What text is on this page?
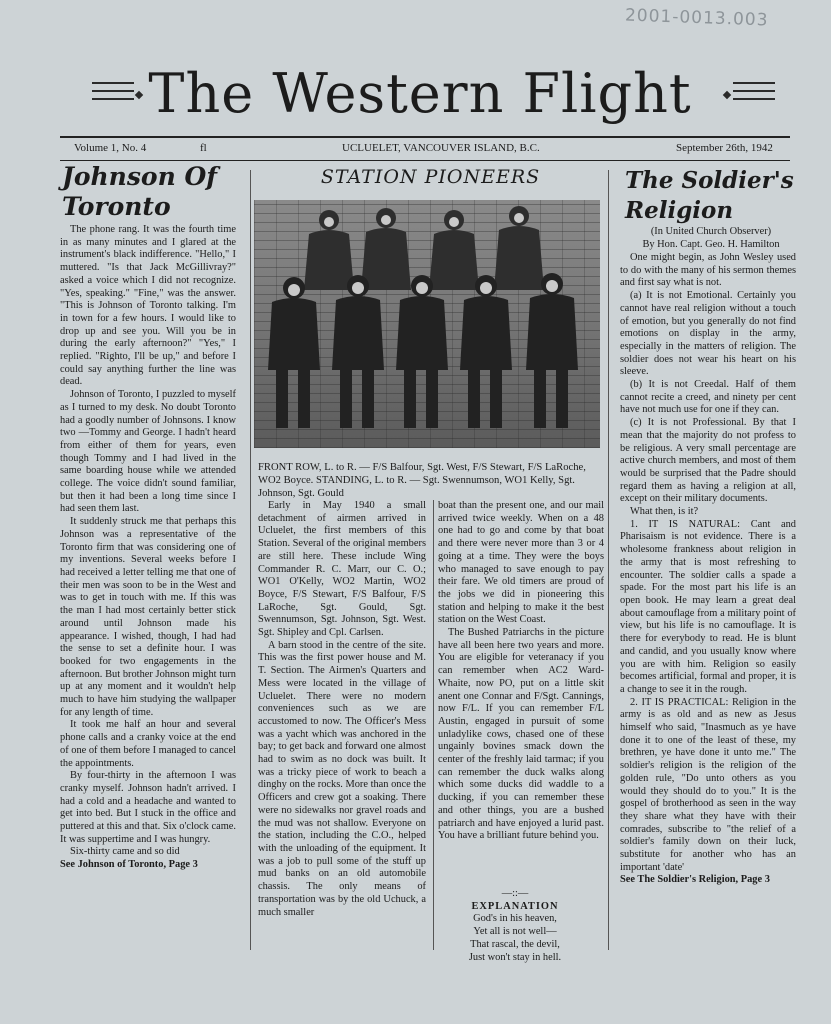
2001-0013.003
The Western Flight
Volume 1, No. 4	fl	UCLUELET, VANCOUVER ISLAND, B.C.	September 26th, 1942
Johnson Of Toronto

The phone rang. It was the fourth time in as many minutes and I glared at the instrument's black indifference. "Hello," I muttered. "Is that Jack McGillivray?" asked a voice which I did not recognize. "Yes, speaking." "Fine," was the answer. "This is Johnson of Toronto talking. I'm in town for a few hours. I would like to drop up and see you. Will you be in during the early afternoon?" "Yes," I replied. "Righto, I'll be up," and before I could say anything further the line was dead.

Johnson of Toronto, I puzzled to myself as I turned to my desk. No doubt Toronto had a goodly number of Johnsons. I know two —Tommy and George. I hadn't heard from either of them for years, even though Tommy and I had lived in the same boarding house while we attended college. The voice didn't sound familiar, but then it had been a long time since I had seen them last.

It suddenly struck me that perhaps this Johnson was a representative of the Toronto firm that was considering one of my inventions. Several weeks before I had received a letter telling me that one of their men was soon to be in the West and was to get in touch with me. If this was the man I had most certainly better stick around until Johnson made his appearance. I wished, though, I had had the sense to set a definite hour. I was booked for two engagements in the afternoon. But brother Johnson might turn up at any moment and it wouldn't help much to have him studying the wallpaper for any length of time.

It took me half an hour and several phone calls and a cranky voice at the end of one of them before I managed to cancel the appointments.

By four-thirty in the afternoon I was cranky myself. Johnson hadn't arrived. I had a cold and a headache and wanted to get into bed. But I stuck in the office and puttered at this and that. Six o'clock came. It was suppertime and I was hungry.

Six-thirty came and so did

See Johnson of Toronto, Page 3

STATION PIONEERS
FRONT ROW, L. to R. — F/S Balfour, Sgt. West, F/S Stewart, F/S LaRoche, WO2 Boyce. STANDING, L. to R. — Sgt. Swennumson, WO1 Kelly, Sgt. Johnson, Sgt. Gould

Early in May 1940 a small detachment of airmen arrived in Ucluelet, the first members of this Station. Several of the original members are still here. These include Wing Commander R. C. Marr, our C. O.; WO1 O'Kelly, WO2 Martin, WO2 Boyce, F/S Stewart, F/S Balfour, F/S LaRoche, Sgt. Gould, Sgt. Swennumson, Sgt. Johnson, Sgt. West. Sgt. Shipley and Cpl. Carlsen.

A barn stood in the centre of the site. This was the first power house and M. T. Section. The Airmen's Quarters and Mess were located in the village of Ucluelet. There were no modern conveniences such as we are accustomed to now. The Officer's Mess was a yacht which was anchored in the bay; to get back and forward one almost had to swim as no dock was built. It was a tricky piece of work to beach a dinghy on the rocks. More than once the Officers and crew got a soaking. There were no sidewalks nor gravel roads and the mud was not shallow. Everyone on the station, including the C.O., helped with the unloading of the equipment. It was a job to pull some of the stuff up mud banks on an old automobile chassis. The only means of transportation was by the old Uchuck, a much smaller

boat than the present one, and our mail arrived twice weekly. When on a 48 one had to go and come by that boat and there were never more than 3 or 4 going at a time. They were the boys who managed to save enough to pay their fare. We old timers are proud of the jobs we did in pioneering this station and helping to make it the best station on the West Coast.

The Bushed Patriarchs in the picture have all been here two years and more. You are eligible for veteranacy if you can remember when AC2 Ward-Whaite, now PO, put on a little skit anent one Connar and F/Sgt. Cannings, now F/L. If you can remember F/L Austin, engaged in pursuit of some unladylike cows, chased one of these ungainly bovines smack down the center of the freshly laid tarmac; if you can remember the duck walks along which some ducks did waddle to a ducking, if you can remember these and other things, you are a bushed patriarch and have enjoyed a lurid past. You have a brilliant future behind you.

—::—
EXPLANATION
God's in his heaven,
Yet all is not well—
That rascal, the devil,
Just won't stay in hell.
The Soldier's Religion
(In United Church Observer)
By Hon. Capt. Geo. H. Hamilton

One might begin, as John Wesley used to do with the many of his sermon themes and first say what is not.

(a) It is not Emotional. Certainly you cannot have real religion without a touch of emotion, but you generally do not find emotions on display in the army, especially in the matters of religion. The soldier does not wear his heart on his sleeve.

(b) It is not Creedal. Half of them cannot recite a creed, and ninety per cent have not much use for one if they can.

(c) It is not Professional. By that I mean that the majority do not profess to be religious. A very small percentage are active church members, and most of them would be surprised that the Padre should regard them as having a religion at all, except on their military documents.

What then, is it?

1. IT IS NATURAL: Cant and Pharisaism is not evidence. There is a wholesome frankness about religion in the army that is most refreshing to encounter. The soldier calls a spade a spade. For the most part his life is an open book. He may learn a great deal about camouflage from a military point of view, but his life is no camouflage. It is there for everybody to read. He is blunt and candid, and you usually know where you are with him. Religion so easily becomes artificial, formal and proper, it is a change to see it in the rough.

2. IT IS PRACTICAL: Religion in the army is as old and as new as Jesus himself who said, "Inasmuch as ye have done it to one of the least of these, my brethren, ye have done it unto me." The soldier's religion is the religion of the golden rule, "Do unto others as you would they should do to you." It is the gospel of brotherhood as seen in the way they share what they have with their comrades, subscribe to "the relief of a soldier's family down on their luck, substitute for another who has an important 'date'

See The Soldier's Religion, Page 3
